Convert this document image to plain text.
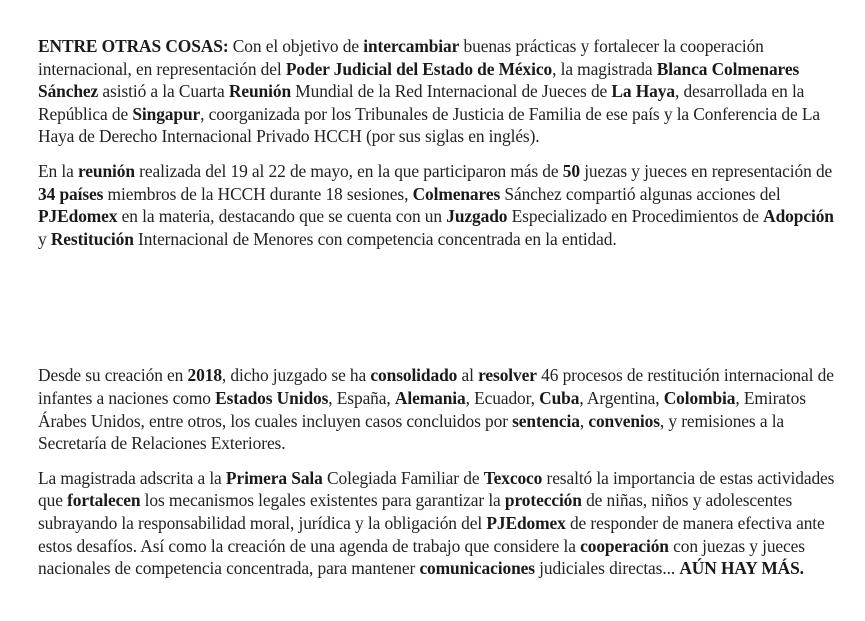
ENTRE OTRAS COSAS: Con el objetivo de intercambiar buenas prácticas y fortalecer la cooperación internacional, en representación del Poder Judicial del Estado de México, la magistrada Blanca Colmenares Sánchez asistió a la Cuarta Reunión Mundial de la Red Internacional de Jueces de La Haya, desarrollada en la República de Singapur, coorganizada por los Tribunales de Justicia de Familia de ese país y la Conferencia de La Haya de Derecho Internacional Privado HCCH (por sus siglas en inglés).

En la reunión realizada del 19 al 22 de mayo, en la que participaron más de 50 juezas y jueces en representación de 34 países miembros de la HCCH durante 18 sesiones, Colmenares Sánchez compartió algunas acciones del PJEdomex en la materia, destacando que se cuenta con un Juzgado Especializado en Procedimientos de Adopción y Restitución Internacional de Menores con competencia concentrada en la entidad.

Desde su creación en 2018, dicho juzgado se ha consolidado al resolver 46 procesos de restitución internacional de infantes a naciones como Estados Unidos, España, Alemania, Ecuador, Cuba, Argentina, Colombia, Emiratos Árabes Unidos, entre otros, los cuales incluyen casos concluidos por sentencia, convenios, y remisiones a la Secretaría de Relaciones Exteriores.

La magistrada adscrita a la Primera Sala Colegiada Familiar de Texcoco resaltó la importancia de estas actividades que fortalecen los mecanismos legales existentes para garantizar la protección de niñas, niños y adolescentes subrayando la responsabilidad moral, jurídica y la obligación del PJEdomex de responder de manera efectiva ante estos desafíos. Así como la creación de una agenda de trabajo que considere la cooperación con juezas y jueces nacionales de competencia concentrada, para mantener comunicaciones judiciales directas... AÚN HAY MÁS.
